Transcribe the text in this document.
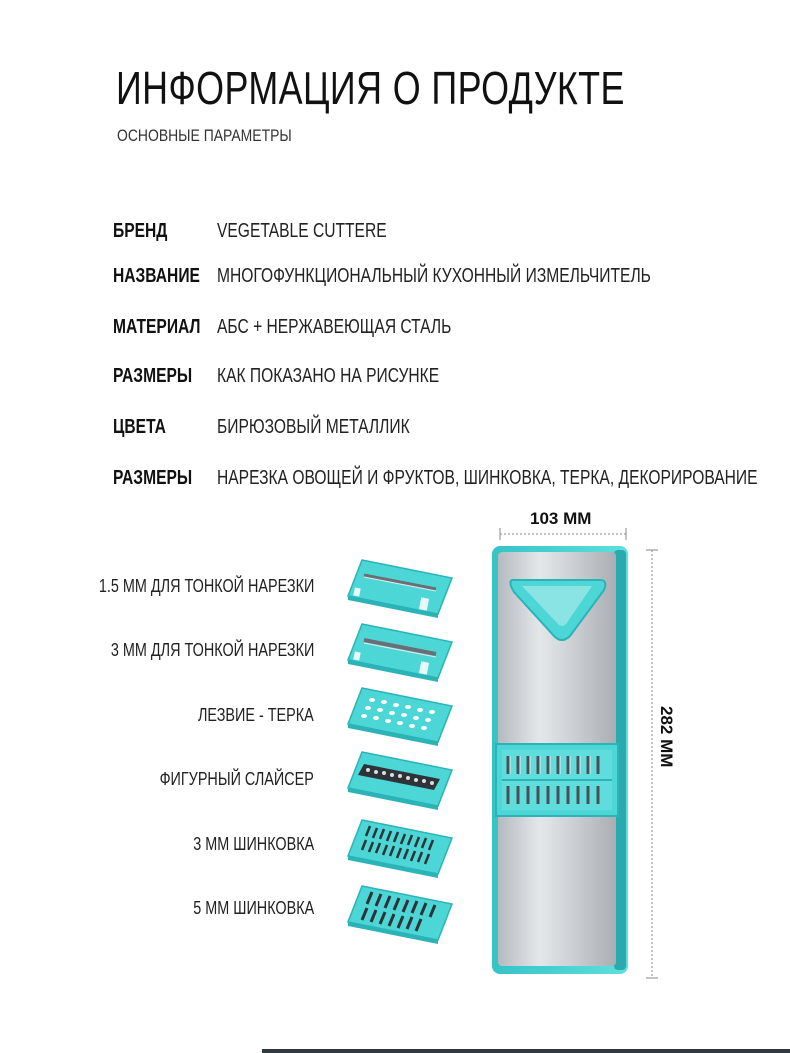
ИНФОРМАЦИЯ О ПРОДУКТЕ
ОСНОВНЫЕ ПАРАМЕТРЫ
БРЕНД VEGETABLE CUTTERE
НАЗВАНИЕ МНОГОФУНКЦИОНАЛЬНЫЙ КУХОННЫЙ ИЗМЕЛЬЧИТЕЛЬ
МАТЕРИАЛ АБС + НЕРЖАВЕЮЩАЯ СТАЛЬ
РАЗМЕРЫ КАК ПОКАЗАНО НА РИСУНКЕ
ЦВЕТА	БИРЮЗОВЫЙ МЕТАЛЛИК
РАЗМЕРЫ НАРЕЗКА ОВОЩЕЙ И ФРУКТОВ, ШИНКОВКА, ТЕРКА, ДЕКОРИРОВАНИЕ
1.5 ММ ДЛЯ ТОНКОЙ НАРЕЗКИ
3 ММ ДЛЯ ТОНКОЙ НАРЕЗКИ
ЛЕЗВИЕ - ТЕРКА
ФИГУРНЫЙ СЛАЙСЕР
3 ММ ШИНКОВКА
5 ММ ШИНКОВКА
103 ММ
282 ММ
